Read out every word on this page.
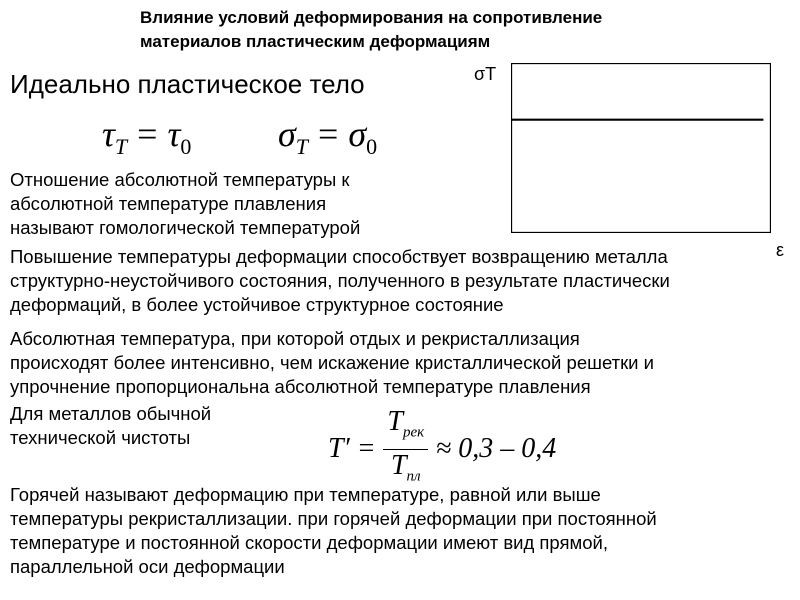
Влияние условий деформирования на сопротивление
материалов пластическим деформациям
Идеально пластическое тело
$\tau_T = \tau_0$ $\sigma_T = \sigma_0$
Отношение абсолютной температуры к
абсолютной температуре плавления
называют гомологической температурой
σT
ε
Повышение температуры деформации способствует возвращению металла
структурно-неустойчивого состояния, полученного в результате пластически
деформаций, в более устойчивое структурное состояние
Абсолютная температура, при которой отдых и рекристаллизация
происходят более интенсивно, чем искажение кристаллической решетки и
упрочнение пропорциональна абсолютной температуре плавления
Для металлов обычной
технической чистоты	$T' = \frac{T_{рек}}{T_{пл}} \approx 0,3 - 0,4$
Горячей называют деформацию при температуре, равной или выше
температуры рекристаллизации. при горячей деформации при постоянной
температуре и постоянной скорости деформации имеют вид прямой,
параллельной оси деформации
